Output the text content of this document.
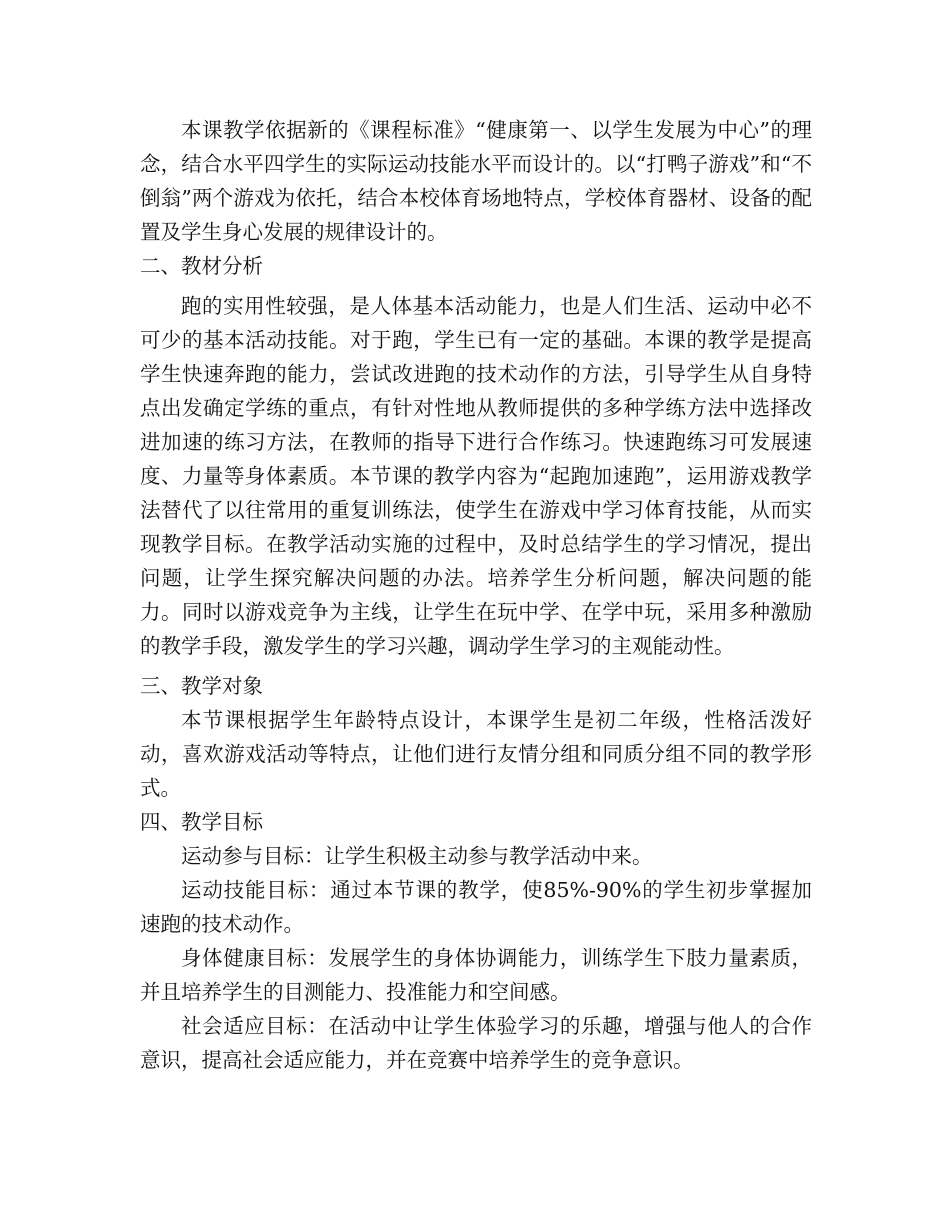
本课教学依据新的《课程标准》“健康第一、以学生发展为中心”的理念，结合水平四学生的实际运动技能水平而设计的。以“打鸭子游戏”和“不倒翁”两个游戏为依托，结合本校体育场地特点，学校体育器材、设备的配置及学生身心发展的规律设计的。

二、教材分析

跑的实用性较强，是人体基本活动能力，也是人们生活、运动中必不可少的基本活动技能。对于跑，学生已有一定的基础。本课的教学是提高学生快速奔跑的能力，尝试改进跑的技术动作的方法，引导学生从自身特点出发确定学练的重点，有针对性地从教师提供的多种学练方法中选择改进加速的练习方法，在教师的指导下进行合作练习。快速跑练习可发展速度、力量等身体素质。本节课的教学内容为“起跑加速跑”，运用游戏教学法替代了以往常用的重复训练法，使学生在游戏中学习体育技能，从而实现教学目标。在教学活动实施的过程中，及时总结学生的学习情况，提出问题，让学生探究解决问题的办法。培养学生分析问题，解决问题的能力。同时以游戏竞争为主线，让学生在玩中学、在学中玩，采用多种激励的教学手段，激发学生的学习兴趣，调动学生学习的主观能动性。

三、教学对象

本节课根据学生年龄特点设计，本课学生是初二年级，性格活泼好动，喜欢游戏活动等特点，让他们进行友情分组和同质分组不同的教学形式。

四、教学目标

运动参与目标：让学生积极主动参与教学活动中来。

运动技能目标：通过本节课的教学，使85%-90%的学生初步掌握加速跑的技术动作。

身体健康目标：发展学生的身体协调能力，训练学生下肢力量素质，并且培养学生的目测能力、投准能力和空间感。

社会适应目标：在活动中让学生体验学习的乐趣，增强与他人的合作意识，提高社会适应能力，并在竞赛中培养学生的竞争意识。
